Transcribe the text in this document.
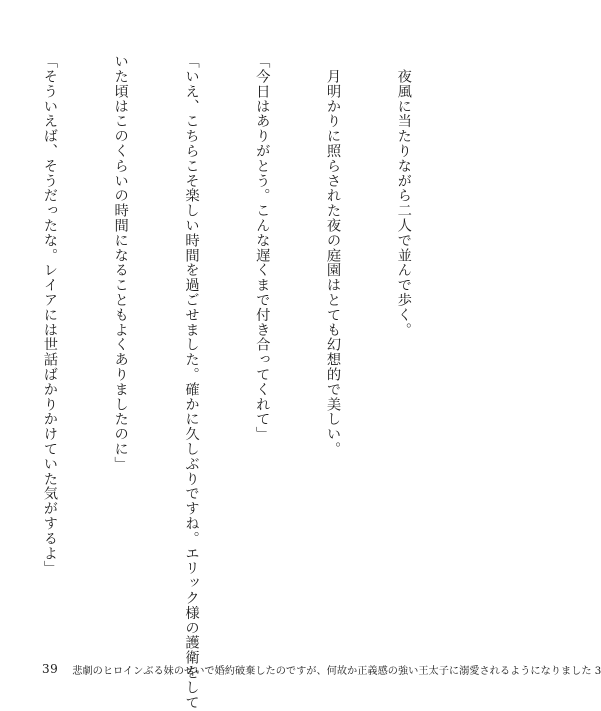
　夜風に当たりながら二人で並んで歩く。

　月明かりに照らされた夜の庭園はとても幻想的で美しい。

「今日はありがとう。こんな遅くまで付き合ってくれて」

「いえ、こちらこそ楽しい時間を過ごせました。確かに久しぶりですね。エリック様の護衛をして

いた頃はこのくらいの時間になることもよくありましたのに」

「そういえば、そうだったな。レイアには世話ばかりかけていた気がするよ」

39 悲劇のヒロインぶる妹のせいで婚約破棄したのですが、何故か正義感の強い王太子に溺愛されるようになりました 3
